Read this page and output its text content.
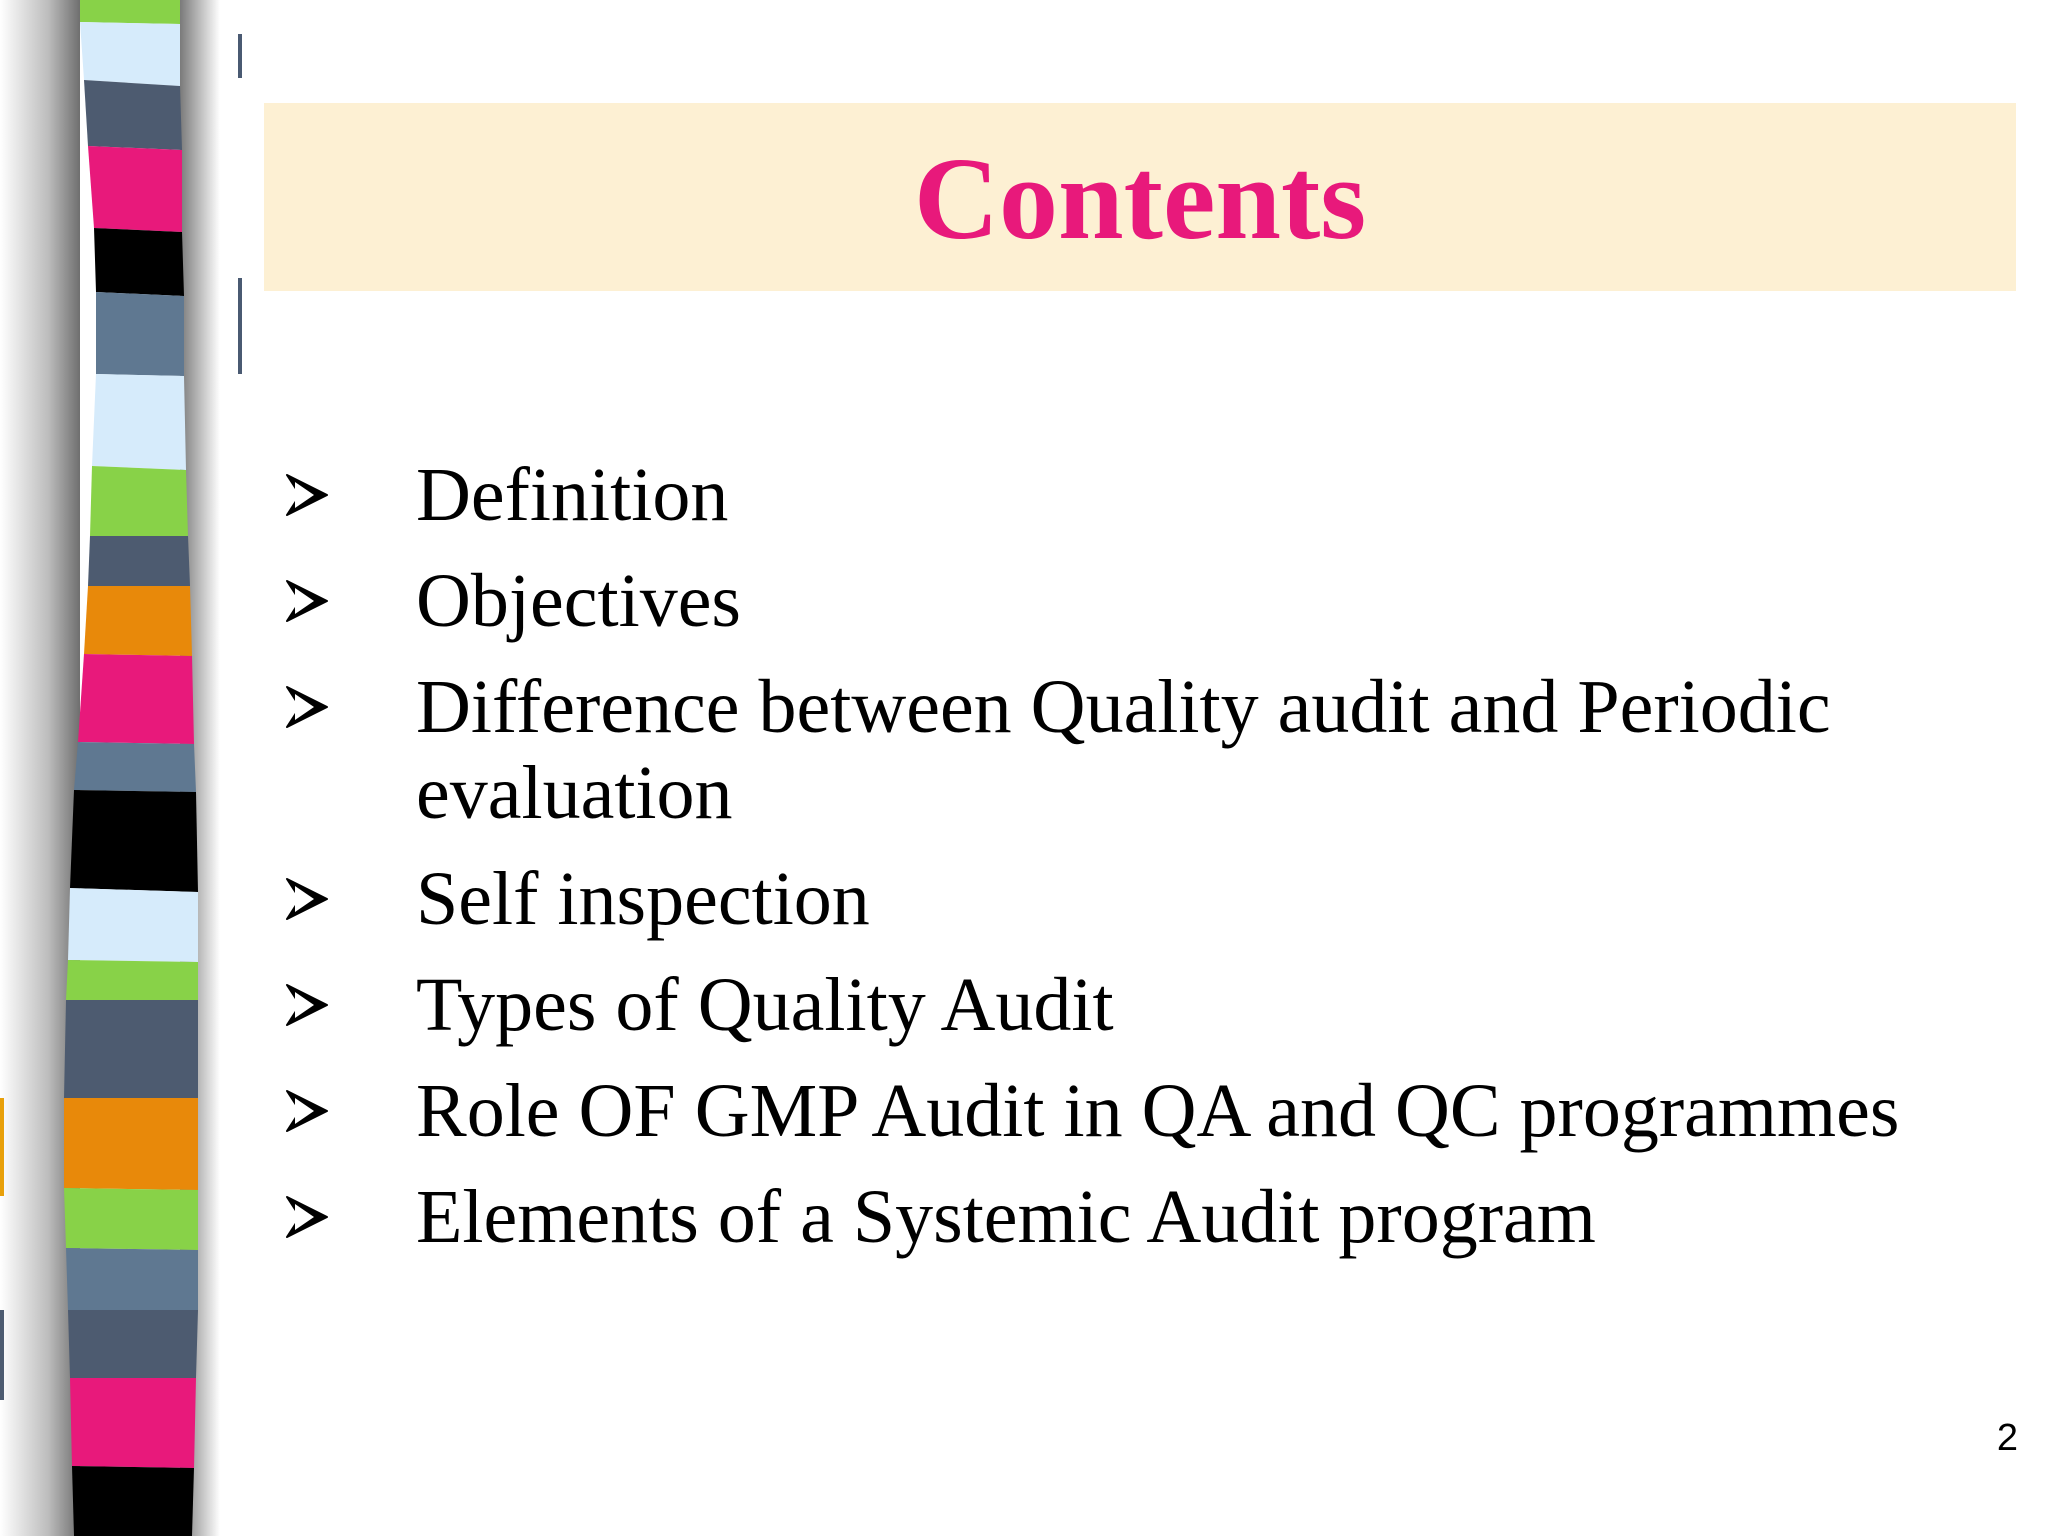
Contents
Definition
Objectives
Difference between Quality audit and Periodic evaluation
Self inspection
Types of Quality Audit
Role OF GMP Audit in QA and QC programmes
Elements of a Systemic Audit program
2
